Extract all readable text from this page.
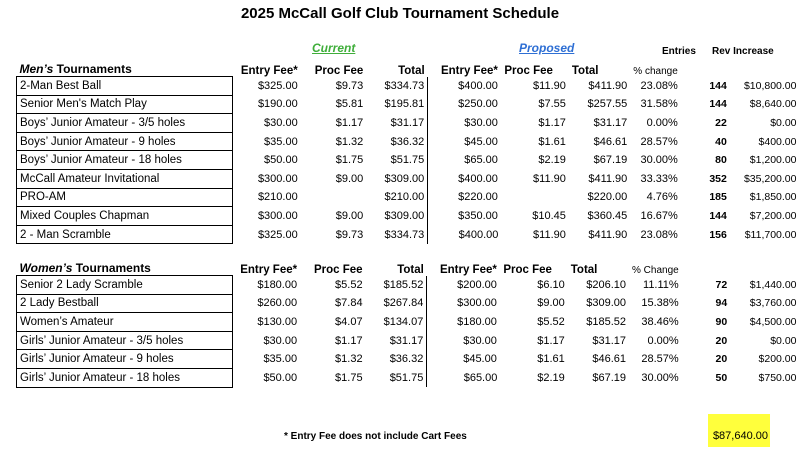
2025 McCall Golf Club Tournament Schedule
Current	Proposed	Entries Rev Increase
Men’s Tournaments	Entry Fee*	Proc Fee	Total	Entry Fee*	Proc Fee	Total	% change		
2-Man Best Ball	$325.00	$9.73	$334.73	$400.00	$11.90	$411.90	23.08%	144	$10,800.00
Senior Men's Match Play	$190.00	$5.81	$195.81	$250.00	$7.55	$257.55	31.58%	144	$8,640.00
Boys’ Junior Amateur - 3/5 holes	$30.00	$1.17	$31.17	$30.00	$1.17	$31.17	0.00%	22	$0.00
Boys’ Junior Amateur - 9 holes	$35.00	$1.32	$36.32	$45.00	$1.61	$46.61	28.57%	40	$400.00
Boys’ Junior Amateur - 18 holes	$50.00	$1.75	$51.75	$65.00	$2.19	$67.19	30.00%	80	$1,200.00
McCall Amateur Invitational	$300.00	$9.00	$309.00	$400.00	$11.90	$411.90	33.33%	352	$35,200.00
PRO-AM	$210.00		$210.00	$220.00		$220.00	4.76%	185	$1,850.00
Mixed Couples Chapman	$300.00	$9.00	$309.00	$350.00	$10.45	$360.45	16.67%	144	$7,200.00
2 - Man Scramble	$325.00	$9.73	$334.73	$400.00	$11.90	$411.90	23.08%	156	$11,700.00
Women’s Tournaments	Entry Fee*	Proc Fee	Total	Entry Fee*	Proc Fee	Total	% Change		
Senior 2 Lady Scramble	$180.00	$5.52	$185.52	$200.00	$6.10	$206.10	11.11%	72	$1,440.00
2 Lady Bestball	$260.00	$7.84	$267.84	$300.00	$9.00	$309.00	15.38%	94	$3,760.00
Women’s Amateur	$130.00	$4.07	$134.07	$180.00	$5.52	$185.52	38.46%	90	$4,500.00
Girls’ Junior Amateur - 3/5 holes	$30.00	$1.17	$31.17	$30.00	$1.17	$31.17	0.00%	20	$0.00
Girls’ Junior Amateur - 9 holes	$35.00	$1.32	$36.32	$45.00	$1.61	$46.61	28.57%	20	$200.00
Girls’ Junior Amateur - 18 holes	$50.00	$1.75	$51.75	$65.00	$2.19	$67.19	30.00%	50	$750.00
* Entry Fee does not include Cart Fees	$87,640.00
